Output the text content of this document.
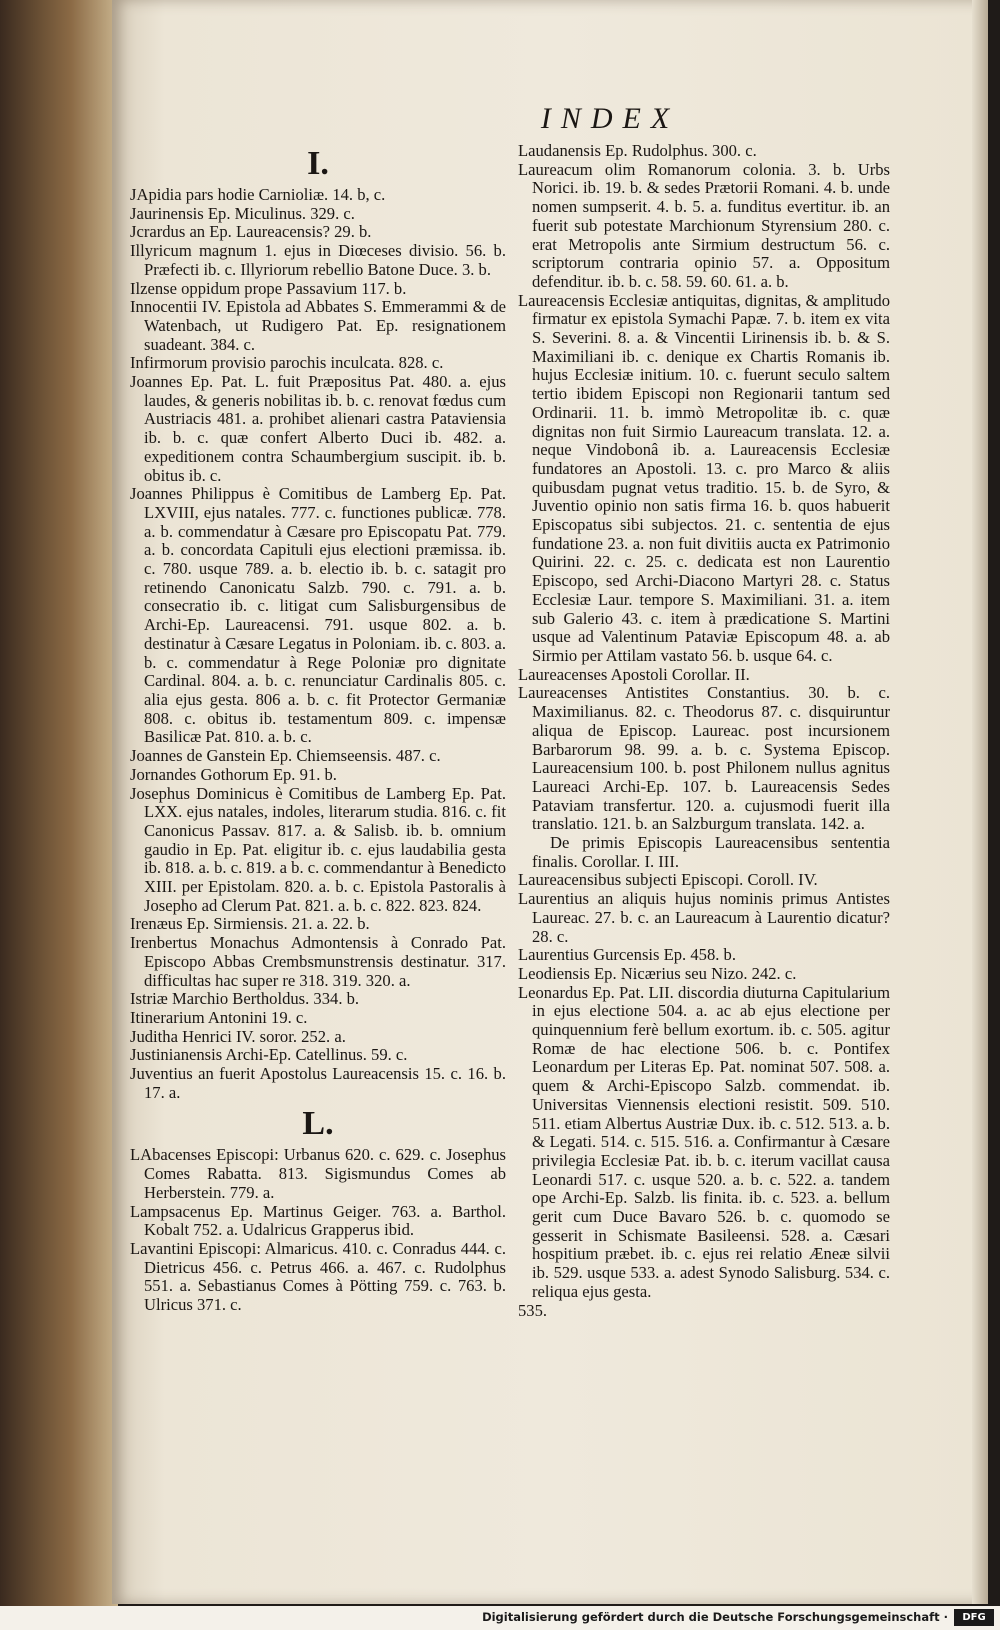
INDEX
I.
JApidia pars hodie Carnioliæ. 14. b, c.
Jaurinensis Ep. Miculinus. 329. c.
Jcrardus an Ep. Laureacensis? 29. b.
Illyricum magnum 1. ejus in Diœceses divisio. 56. b. Præfecti ib. c. Illyriorum rebellio Batone Duce. 3. b.
Ilzense oppidum prope Passavium 117. b.
Innocentii IV. Epistola ad Abbates S. Emmerammi & de Watenbach, ut Rudigero Pat. Ep. resignationem suadeant. 384. c.
Infirmorum provisio parochis inculcata. 828. c.
Joannes Ep. Pat. L. fuit Præpositus Pat. 480. a. ejus laudes, & generis nobilitas ib. b. c. renovat fœdus cum Austriacis 481. a. prohibet alienari castra Pataviensia ib. b. c. quæ confert Alberto Duci ib. 482. a. expeditionem contra Schaumbergium suscipit. ib. b. obitus ib. c.
Joannes Philippus è Comitibus de Lamberg Ep. Pat. LXVIII, ejus natales. 777. c. functiones publicæ. 778. a. b. commendatur à Cæsare pro Episcopatu Pat. 779. a. b. concordata Capituli ejus electioni præmissa. ib. c. 780. usque 789. a. b. electio ib. b. c. satagit pro retinendo Canonicatu Salzb. 790. c. 791. a. b. consecratio ib. c. litigat cum Salisburgensibus de Archi-Ep. Laureacensi. 791. usque 802. a. b. destinatur à Cæsare Legatus in Poloniam. ib. c. 803. a. b. c. commendatur à Rege Poloniæ pro dignitate Cardinal. 804. a. b. c. renunciatur Cardinalis 805. c. alia ejus gesta. 806 a. b. c. fit Protector Germaniæ 808. c. obitus ib. testamentum 809. c. impensæ Basilicæ Pat. 810. a. b. c.
Joannes de Ganstein Ep. Chiemseensis. 487. c.
Jornandes Gothorum Ep. 91. b.
Josephus Dominicus è Comitibus de Lamberg Ep. Pat. LXX. ejus natales, indoles, literarum studia. 816. c. fit Canonicus Passav. 817. a. & Salisb. ib. b. omnium gaudio in Ep. Pat. eligitur ib. c. ejus laudabilia gesta ib. 818. a. b. c. 819. a b. c. commendantur à Benedicto XIII. per Epistolam. 820. a. b. c. Epistola Pastoralis à Josepho ad Clerum Pat. 821. a. b. c. 822. 823. 824.
Irenæus Ep. Sirmiensis. 21. a. 22. b.
Irenbertus Monachus Admontensis à Conrado Pat. Episcopo Abbas Crembsmunstrensis destinatur. 317. difficultas hac super re 318. 319. 320. a.
Istriæ Marchio Bertholdus. 334. b.
Itinerarium Antonini 19. c.
Juditha Henrici IV. soror. 252. a.
Justinianensis Archi-Ep. Catellinus. 59. c.
Juventius an fuerit Apostolus Laureacensis 15. c. 16. b. 17. a.
L.
LAbacenses Episcopi: Urbanus 620. c. 629. c. Josephus Comes Rabatta. 813. Sigismundus Comes ab Herberstein. 779. a.
Lampsacenus Ep. Martinus Geiger. 763. a. Barthol. Kobalt 752. a. Udalricus Grapperus ibid.
Lavantini Episcopi: Almaricus. 410. c. Conradus 444. c. Dietricus 456. c. Petrus 466. a. 467. c. Rudolphus 551. a. Sebastianus Comes à Pötting 759. c. 763. b. Ulricus 371. c.
Laudanensis Ep. Rudolphus. 300. c.
Laureacum olim Romanorum colonia. 3. b. Urbs Norici. ib. 19. b. & sedes Prætorii Romani. 4. b. unde nomen sumpserit. 4. b. 5. a. funditus evertitur. ib. an fuerit sub potestate Marchionum Styrensium 280. c. erat Metropolis ante Sirmium destructum 56. c. scriptorum contraria opinio 57. a. Oppositum defenditur. ib. b. c. 58. 59. 60. 61. a. b.
Laureacensis Ecclesiæ antiquitas, dignitas, & amplitudo firmatur ex epistola Symachi Papæ. 7. b. item ex vita S. Severini. 8. a. & Vincentii Lirinensis ib. b. & S. Maximiliani ib. c. denique ex Chartis Romanis ib. hujus Ecclesiæ initium. 10. c. fuerunt seculo saltem tertio ibidem Episcopi non Regionarii tantum sed Ordinarii. 11. b. immò Metropolitæ ib. c. quæ dignitas non fuit Sirmio Laureacum translata. 12. a. neque Vindobonâ ib. a. Laureacensis Ecclesiæ fundatores an Apostoli. 13. c. pro Marco & aliis quibusdam pugnat vetus traditio. 15. b. de Syro, & Juventio opinio non satis firma 16. b. quos habuerit Episcopatus sibi subjectos. 21. c. sententia de ejus fundatione 23. a. non fuit divitiis aucta ex Patrimonio Quirini. 22. c. 25. c. dedicata est non Laurentio Episcopo, sed Archi-Diacono Martyri 28. c. Status Ecclesiæ Laur. tempore S. Maximiliani. 31. a. item sub Galerio 43. c. item à prædicatione S. Martini usque ad Valentinum Pataviæ Episcopum 48. a. ab Sirmio per Attilam vastato 56. b. usque 64. c.
Laureacenses Apostoli Corollar. II.
Laureacenses Antistites Constantius. 30. b. c. Maximilianus. 82. c. Theodorus 87. c. disquiruntur aliqua de Episcop. Laureac. post incursionem Barbarorum 98. 99. a. b. c. Systema Episcop. Laureacensium 100. b. post Philonem nullus agnitus Laureaci Archi-Ep. 107. b. Laureacensis Sedes Pataviam transfertur. 120. a. cujusmodi fuerit illa translatio. 121. b. an Salzburgum translata. 142. a.
De primis Episcopis Laureacensibus sententia finalis. Corollar. I. III.
Laureacensibus subjecti Episcopi. Coroll. IV.
Laurentius an aliquis hujus nominis primus Antistes Laureac. 27. b. c. an Laureacum à Laurentio dicatur? 28. c.
Laurentius Gurcensis Ep. 458. b.
Leodiensis Ep. Nicærius seu Nizo. 242. c.
Leonardus Ep. Pat. LII. discordia diuturna Capitularium in ejus electione 504. a. ac ab ejus electione per quinquennium ferè bellum exortum. ib. c. 505. agitur Romæ de hac electione 506. b. c. Pontifex Leonardum per Literas Ep. Pat. nominat 507. 508. a. quem & Archi-Episcopo Salzb. commendat. ib. Universitas Viennensis electioni resistit. 509. 510. 511. etiam Albertus Austriæ Dux. ib. c. 512. 513. a. b. & Legati. 514. c. 515. 516. a. Confirmantur à Cæsare privilegia Ecclesiæ Pat. ib. b. c. iterum vacillat causa Leonardi 517. c. usque 520. a. b. c. 522. a. tandem ope Archi-Ep. Salzb. lis finita. ib. c. 523. a. bellum gerit cum Duce Bavaro 526. b. c. quomodo se gesserit in Schismate Basileensi. 528. a. Cæsari hospitium præbet. ib. c. ejus rei relatio Æneæ silvii ib. 529. usque 533. a. adest Synodo Salisburg. 534. c. reliqua ejus gesta.
535.
Digitalisierung gefördert durch die Deutsche Forschungsgemeinschaft ·	DFG
